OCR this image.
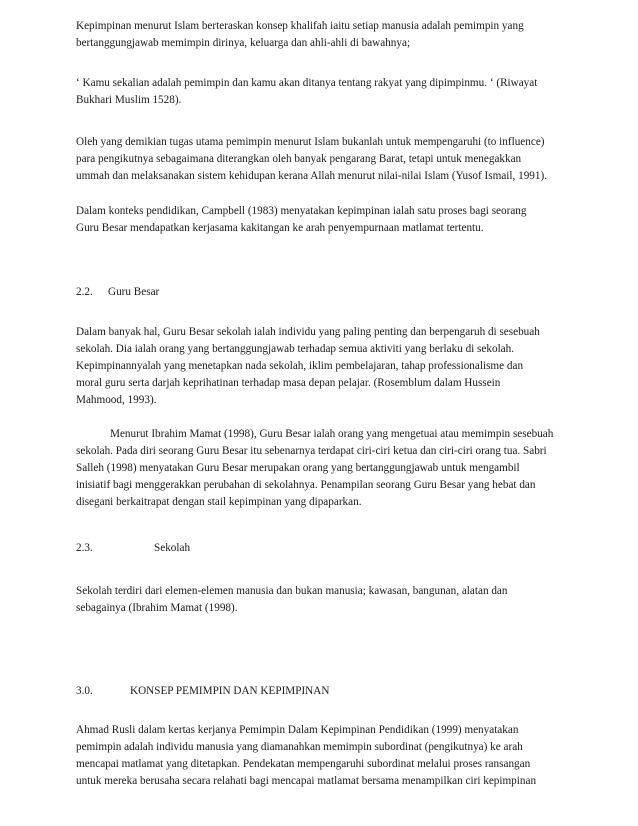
Kepimpinan menurut Islam berteraskan konsep khalifah iaitu setiap manusia adalah pemimpin yang
bertanggungjawab memimpin dirinya, keluarga dan ahli-ahli di bawahnya;

‘ Kamu sekalian adalah pemimpin dan kamu akan ditanya tentang rakyat yang dipimpinmu. ‘ (Riwayat
Bukhari Muslim 1528).

Oleh yang demikian tugas utama pemimpin menurut Islam bukanlah untuk mempengaruhi (to influence)
para pengikutnya sebagaimana diterangkan oleh banyak pengarang Barat, tetapi untuk menegakkan
ummah dan melaksanakan sistem kehidupan kerana Allah menurut nilai-nilai Islam (Yusof Ismail, 1991).

Dalam konteks pendidikan, Campbell (1983) menyatakan kepimpinan ialah satu proses bagi seorang
Guru Besar mendapatkan kerjasama kakitangan ke arah penyempurnaan matlamat tertentu.

2.2. Guru Besar

Dalam banyak hal, Guru Besar sekolah ialah individu yang paling penting dan berpengaruh di sesebuah
sekolah. Dia ialah orang yang bertanggungjawab terhadap semua aktiviti yang berlaku di sekolah.
Kepimpinannyalah yang menetapkan nada sekolah, iklim pembelajaran, tahap professionalisme dan
moral guru serta darjah keprihatinan terhadap masa depan pelajar. (Rosemblum dalam Hussein
Mahmood, 1993).

Menurut Ibrahim Mamat (1998), Guru Besar ialah orang yang mengetuai atau memimpin sesebuah
sekolah. Pada diri seorang Guru Besar itu sebenarnya terdapat ciri-ciri ketua dan ciri-ciri orang tua. Sabri
Salleh (1998) menyatakan Guru Besar merupakan orang yang bertanggungjawab untuk mengambil
inisiatif bagi menggerakkan perubahan di sekolahnya. Penampilan seorang Guru Besar yang hebat dan
disegani berkaitrapat dengan stail kepimpinan yang dipaparkan.

2.3.	Sekolah

Sekolah terdiri dari elemen-elemen manusia dan bukan manusia; kawasan, bangunan, alatan dan
sebagainya (Ibrahim Mamat (1998).

3.0.	KONSEP PEMIMPIN DAN KEPIMPINAN

Ahmad Rusli dalam kertas kerjanya Pemimpin Dalam Kepimpinan Pendidikan (1999) menyatakan
pemimpin adalah individu manusia yang diamanahkan memimpin subordinat (pengikutnya) ke arah
mencapai matlamat yang ditetapkan. Pendekatan mempengaruhi subordinat melalui proses ransangan
untuk mereka berusaha secara relahati bagi mencapai matlamat bersama menampilkan ciri kepimpinan
